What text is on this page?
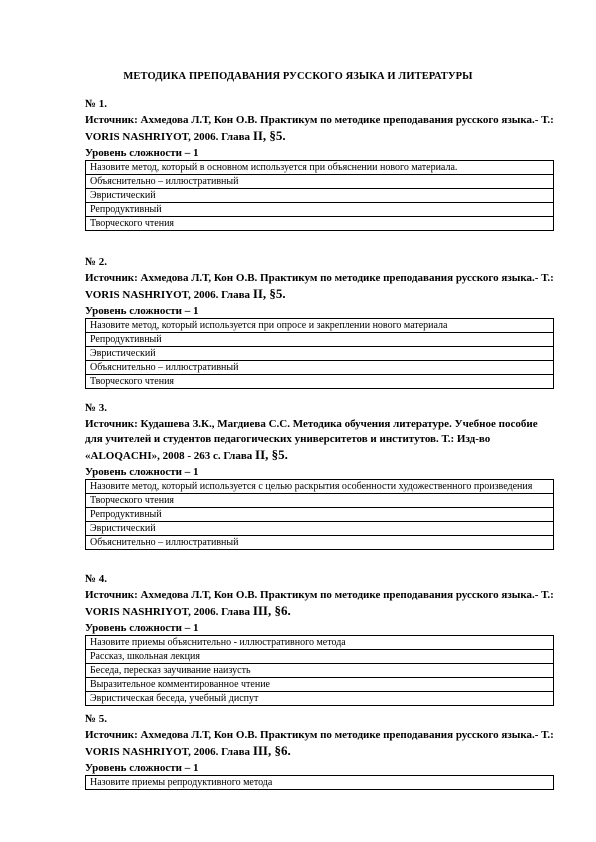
МЕТОДИКА ПРЕПОДАВАНИЯ РУССКОГО ЯЗЫКА И ЛИТЕРАТУРЫ
№ 1.
Источник: Ахмедова Л.Т, Кон О.В. Практикум по методике преподавания русского языка.- Т.: VORIS NASHRIYOT, 2006. Глава II, §5.
Уровень сложности – 1
Назовите метод, который в основном используется при объяснении нового материала.
Объяснительно – иллюстративный
Эвристический
Репродуктивный
Творческого чтения
№ 2.
Источник: Ахмедова Л.Т, Кон О.В. Практикум по методике преподавания русского языка.- Т.: VORIS NASHRIYOT, 2006. Глава II, §5.
Уровень сложности – 1
Назовите метод, который используется при опросе и закреплении нового материала
Репродуктивный
Эвристический
Объяснительно – иллюстративный
Творческого чтения
№ 3.
Источник: Кудашева З.К., Магдиева С.С. Методика обучения литературе. Учебное пособие для учителей и студентов педагогических университетов и институтов. Т.: Изд-во «ALOQACHI», 2008 - 263 с. Глава II, §5.
Уровень сложности – 1
Назовите метод, который используется с целью раскрытия особенности художественного произведения
Творческого чтения
Репродуктивный
Эвристический
Объяснительно – иллюстративный
№ 4.
Источник: Ахмедова Л.Т, Кон О.В. Практикум по методике преподавания русского языка.- Т.: VORIS NASHRIYOT, 2006. Глава III, §6.
Уровень сложности – 1
Назовите приемы объяснительно - иллюстративного метода
Рассказ, школьная лекция
Беседа, пересказ заучивание наизусть
Выразительное комментированное чтение
Эвристическая беседа, учебный диспут
№ 5.
Источник: Ахмедова Л.Т, Кон О.В. Практикум по методике преподавания русского языка.- Т.: VORIS NASHRIYOT, 2006. Глава III, §6.
Уровень сложности – 1
Назовите приемы репродуктивного метода
